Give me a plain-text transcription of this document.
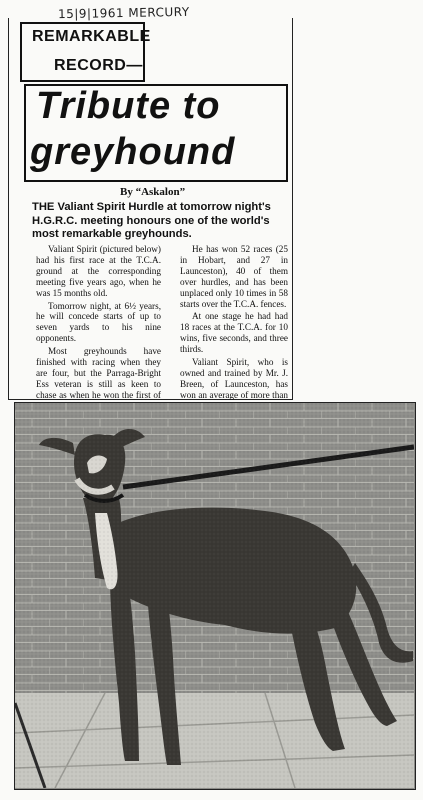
15|9|1961 MERCURY
REMARKABLE
RECORD—
Tribute to
greyhound
By “Askalon”
THE Valiant Spirit Hurdle at tomorrow night's H.G.R.C. meeting honours one of the world's most remarkable greyhounds.

Valiant Spirit (pictured below) had his first race at the T.C.A. ground at the corresponding meeting five years ago, when he was 15 months old.

Tomorrow night, at 6½ years, he will concede starts of up to seven yards to his nine opponents.

Most greyhounds have finished with racing when they are four, but the Parraga-Bright Ess veteran is still as keen to chase as when he won the first of

He has won 52 races (25 in Hobart, and 27 in Launceston), 40 of them over hurdles, and has been unplaced only 10 times in 58 starts over the T.C.A. fences.

At one stage he had had 18 races at the T.C.A. for 10 wins, five seconds, and three thirds.

Valiant Spirit, who is owned and trained by Mr. J. Breen, of Launceston, has won an average of more than
